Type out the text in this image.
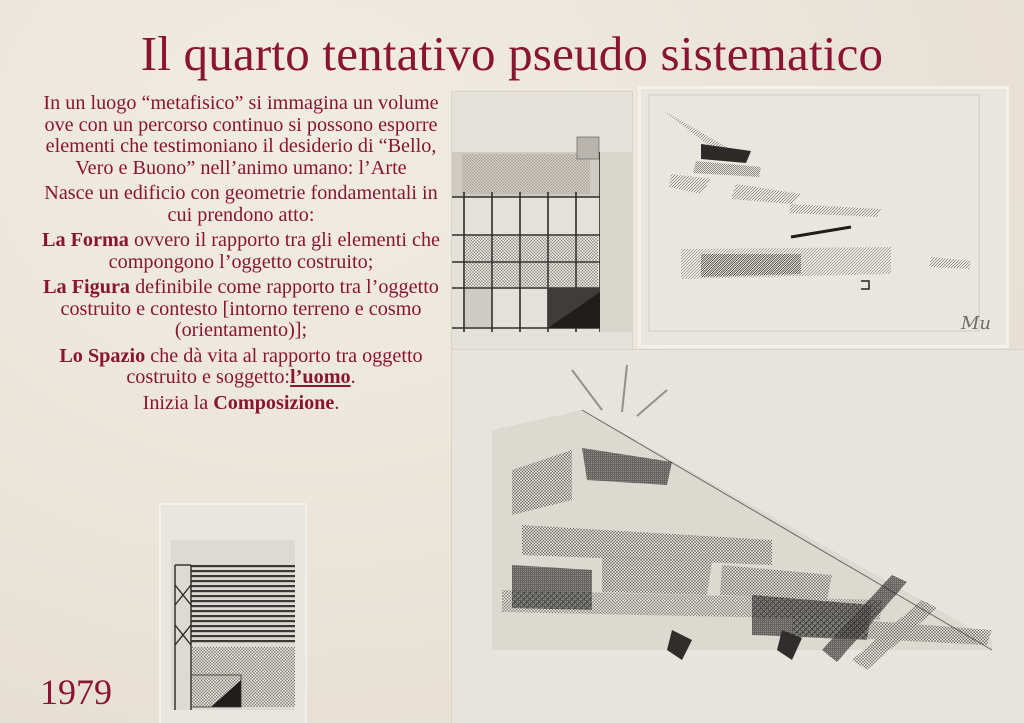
Il quarto tentativo pseudo sistematico

In un luogo “metafisico” si immagina un volume ove con un percorso continuo si possono esporre elementi che testimoniano il desiderio di “Bello, Vero e Buono” nell’animo umano: l’Arte

Nasce un edificio con geometrie fondamentali in cui prendono atto:

La Forma ovvero il rapporto tra gli elementi che compongono l’oggetto costruito;

La Figura definibile come rapporto tra l’oggetto costruito e contesto [intorno terreno e cosmo (orientamento)];

Lo Spazio che dà vita al rapporto tra oggetto costruito e soggetto:l’uomo.

Inizia la Composizione.

Mu

1979
